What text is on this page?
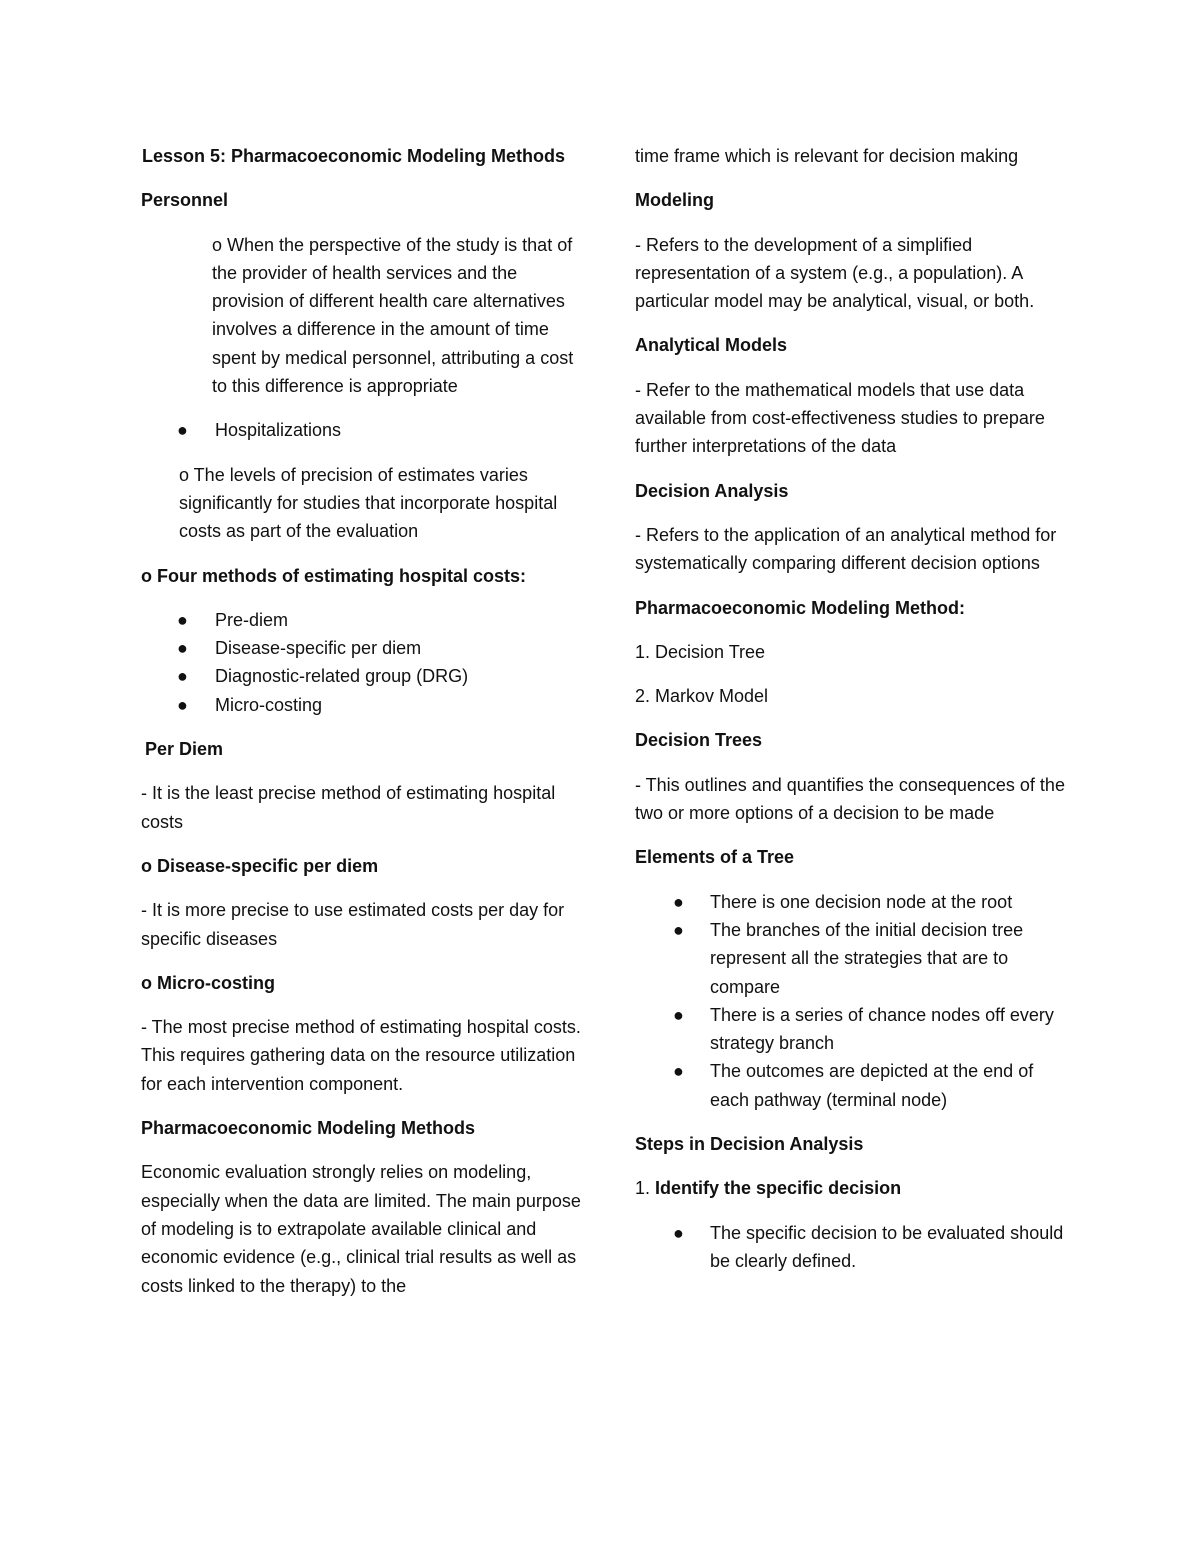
Lesson 5: Pharmacoeconomic Modeling Methods

Personnel

o When the perspective of the study is that of the provider of health services and the provision of different health care alternatives involves a difference in the amount of time spent by medical personnel, attributing a cost to this difference is appropriate

● Hospitalizations

o The levels of precision of estimates varies significantly for studies that incorporate hospital costs as part of the evaluation

o Four methods of estimating hospital costs:

● Pre-diem
● Disease-specific per diem
● Diagnostic-related group (DRG)
● Micro-costing

Per Diem

- It is the least precise method of estimating hospital costs

o Disease-specific per diem

- It is more precise to use estimated costs per day for specific diseases

o Micro-costing

- The most precise method of estimating hospital costs. This requires gathering data on the resource utilization for each intervention component.

Pharmacoeconomic Modeling Methods

Economic evaluation strongly relies on modeling, especially when the data are limited. The main purpose of modeling is to extrapolate available clinical and economic evidence (e.g., clinical trial results as well as costs linked to the therapy) to the

time frame which is relevant for decision making

Modeling

- Refers to the development of a simplified representation of a system (e.g., a population). A particular model may be analytical, visual, or both.

Analytical Models

- Refer to the mathematical models that use data available from cost-effectiveness studies to prepare further interpretations of the data

Decision Analysis

- Refers to the application of an analytical method for systematically comparing different decision options

Pharmacoeconomic Modeling Method:

1. Decision Tree

2. Markov Model

Decision Trees

- This outlines and quantifies the consequences of the two or more options of a decision to be made

Elements of a Tree

● There is one decision node at the root
● The branches of the initial decision tree represent all the strategies that are to compare
● There is a series of chance nodes off every strategy branch
● The outcomes are depicted at the end of each pathway (terminal node)

Steps in Decision Analysis

1. Identify the specific decision

● The specific decision to be evaluated should be clearly defined.
